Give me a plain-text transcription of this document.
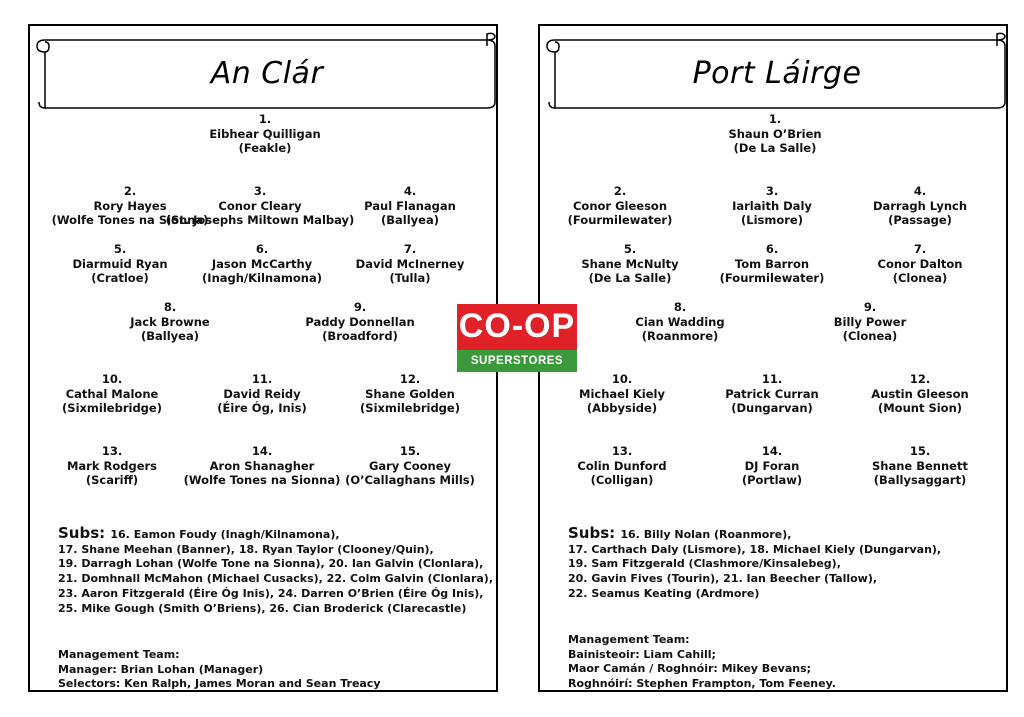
An Clár
1.
Eibhear Quilligan
(Feakle)
2.
Rory Hayes
(Wolfe Tones na Sionna)
3.
Conor Cleary
(St. Josephs Miltown Malbay)
4.
Paul Flanagan
(Ballyea)
5.
Diarmuid Ryan
(Cratloe)
6.
Jason McCarthy
(Inagh/Kilnamona)
7.
David McInerney
(Tulla)
8.
Jack Browne
(Ballyea)
9.
Paddy Donnellan
(Broadford)
10.
Cathal Malone
(Sixmilebridge)
11.
David Reidy
(Éire Óg, Inis)
12.
Shane Golden
(Sixmilebridge)
13.
Mark Rodgers
(Scariff)
14.
Aron Shanagher
(Wolfe Tones na Sionna)
15.
Gary Cooney
(O’Callaghans Mills)
Subs: 16. Eamon Foudy (Inagh/Kilnamona),
17. Shane Meehan (Banner), 18. Ryan Taylor (Clooney/Quin),
19. Darragh Lohan (Wolfe Tone na Sionna), 20. Ian Galvin (Clonlara),
21. Domhnall McMahon (Michael Cusacks), 22. Colm Galvin (Clonlara),
23. Aaron Fitzgerald (Éire Óg Inis), 24. Darren O’Brien (Éire Óg Inis),
25. Mike Gough (Smith O’Briens), 26. Cian Broderick (Clarecastle)
Management Team:
Manager: Brian Lohan (Manager)
Selectors: Ken Ralph, James Moran and Sean Treacy
Port Láirge
1.
Shaun O’Brien
(De La Salle)
2.
Conor Gleeson
(Fourmilewater)
3.
Iarlaith Daly
(Lismore)
4.
Darragh Lynch
(Passage)
5.
Shane McNulty
(De La Salle)
6.
Tom Barron
(Fourmilewater)
7.
Conor Dalton
(Clonea)
8.
Cian Wadding
(Roanmore)
9.
Billy Power
(Clonea)
10.
Michael Kiely
(Abbyside)
11.
Patrick Curran
(Dungarvan)
12.
Austin Gleeson
(Mount Sion)
13.
Colin Dunford
(Colligan)
14.
DJ Foran
(Portlaw)
15.
Shane Bennett
(Ballysaggart)
Subs: 16. Billy Nolan (Roanmore),
17. Carthach Daly (Lismore), 18. Michael Kiely (Dungarvan),
19. Sam Fitzgerald (Clashmore/Kinsalebeg),
20. Gavin Fives (Tourin), 21. Ian Beecher (Tallow),
22. Seamus Keating (Ardmore)
Management Team:
Bainisteoir: Liam Cahill;
Maor Camán / Roghnóir: Mikey Bevans;
Roghnóirí: Stephen Frampton, Tom Feeney.
CO-OP
SUPERSTORES
